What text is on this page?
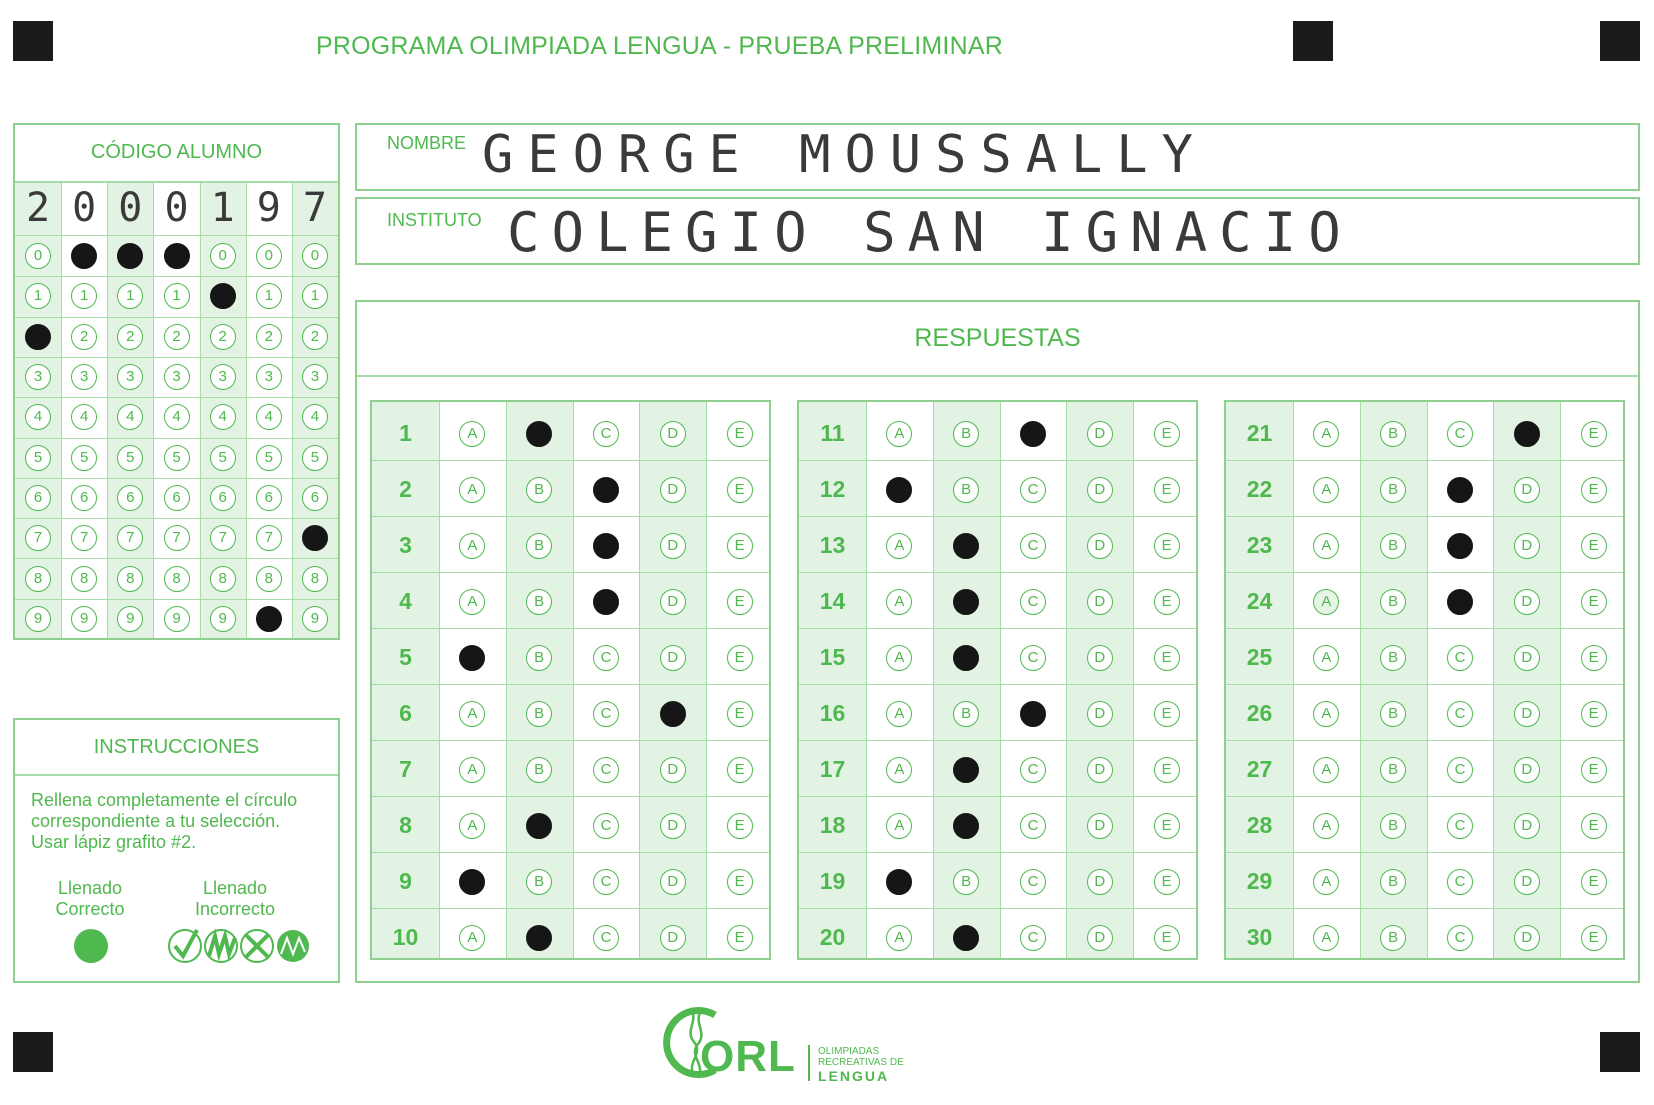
PROGRAMA OLIMPIADA LENGUA - PRUEBA PRELIMINAR
CÓDIGO ALUMNO
2 0 0 0 1 9 7
0	0	0	0	0	0	0
1	1	1	1	1	1	1
2	2	2	2	2	2	2
3	3	3	3	3	3	3
4	4	4	4	4	4	4
5	5	5	5	5	5	5
6	6	6	6	6	6	6
7	7	7	7	7	7	7
8	8	8	8	8	8	8
9	9	9	9	9	9	9
NOMBRE GEORGE MOUSSALLY
INSTITUTO COLEGIO SAN IGNACIO
RESPUESTAS
1	A	B	C	D	E
2	A	B	C	D	E
3	A	B	C	D	E
4	A	B	C	D	E
5	A	B	C	D	E
6	A	B	C	D	E
7	A	B	C	D	E
8	A	B	C	D	E
9	A	B	C	D	E
10	A	B	C	D	E
11	A	B	C	D	E
12	A	B	C	D	E
13	A	B	C	D	E
14	A	B	C	D	E
15	A	B	C	D	E
16	A	B	C	D	E
17	A	B	C	D	E
18	A	B	C	D	E
19	A	B	C	D	E
20	A	B	C	D	E
21	A	B	C	D	E
22	A	B	C	D	E
23	A	B	C	D	E
24	A	B	C	D	E
25	A	B	C	D	E
26	A	B	C	D	E
27	A	B	C	D	E
28	A	B	C	D	E
29	A	B	C	D	E
30	A	B	C	D	E
INSTRUCCIONES
Rellena completamente el círculo
correspondiente a tu selección.
Usar lápiz grafito #2.
Llenado
Correcto
Llenado
Incorrecto
ORL OLIMPIADAS
RECREATIVAS DE
LENGUA
